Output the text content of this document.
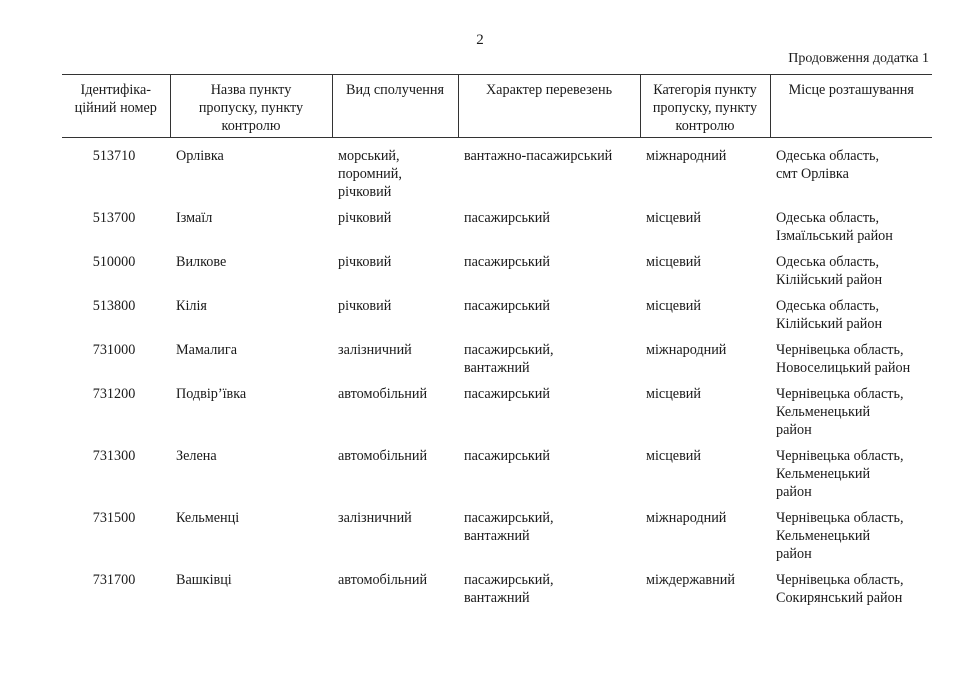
2
Продовження додатка 1
Ідентифіка-
ційний номер	Назва пункту
пропуску, пункту
контролю	Вид сполучення	Характер перевезень	Категорія пункту
пропуску, пункту
контролю	Місце розташування

513710	Орлівка	морський,
поромний,
річковий	вантажно-пасажирський	міжнародний	Одеська область,
смт Орлівка

513700	Ізмаїл	річковий	пасажирський	місцевий	Одеська область,
Ізмаїльський район

510000	Вилкове	річковий	пасажирський	місцевий	Одеська область,
Кілійський район

513800	Кілія	річковий	пасажирський	місцевий	Одеська область,
Кілійський район

731000	Мамалига	залізничний	пасажирський,
вантажний	міжнародний	Чернівецька область,
Новоселицький район

731200	Подвір’ївка	автомобільний	пасажирський	місцевий	Чернівецька область,
Кельменецький
район

731300	Зелена	автомобільний	пасажирський	місцевий	Чернівецька область,
Кельменецький
район

731500	Кельменці	залізничний	пасажирський,
вантажний	міжнародний	Чернівецька область,
Кельменецький
район

731700	Вашківці	автомобільний	пасажирський,
вантажний	міждержавний	Чернівецька область,
Сокирянський район
